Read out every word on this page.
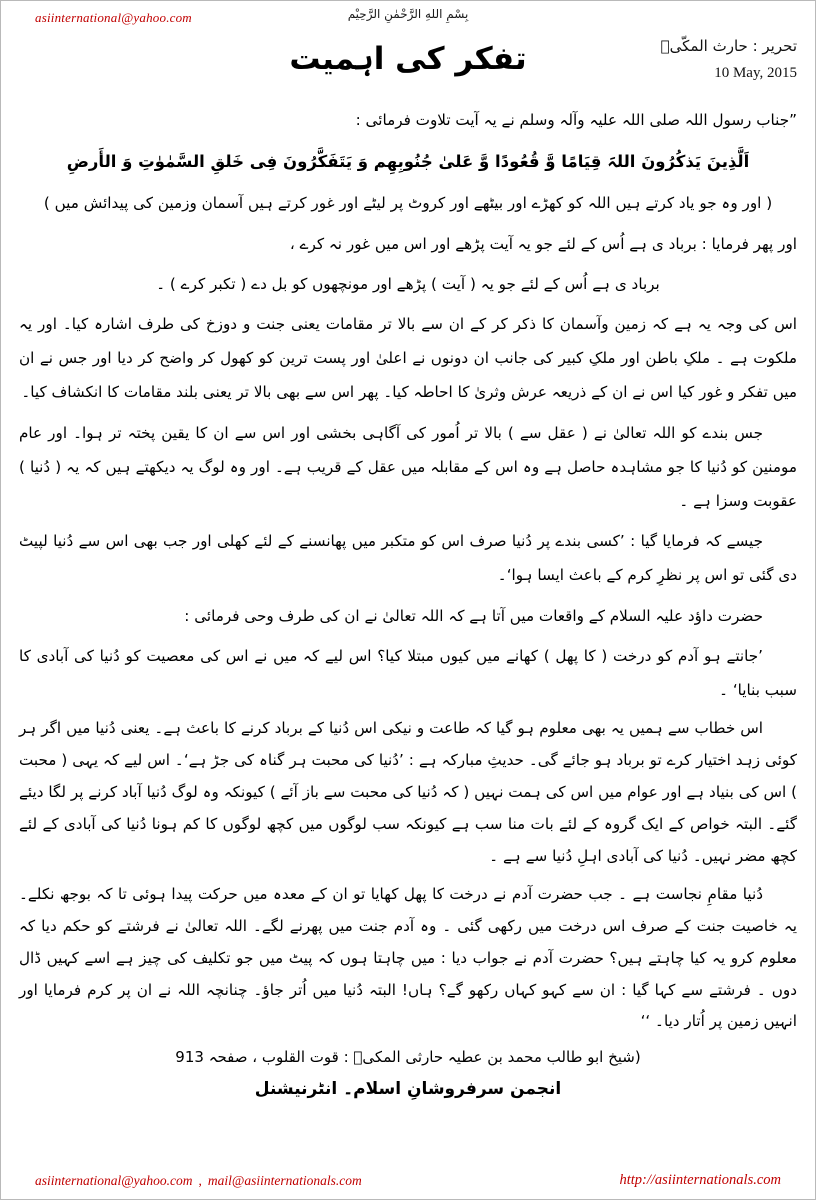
asiinternational@yahoo.com	بِسْمِ اللهِ الرَّحْمٰنِ الرَّحِيْم
تحریر : حارث المکّیؒ
10 May, 2015
تفکر کی اہمیت

”جناب رسول اللہ صلی اللہ علیہ وآلہ وسلم نے یہ آیت تلاوت فرمائی :

اَلَّذِینَ یَذکُرُونَ اللہَ قِیَامًا وَّ قُعُودًا وَّ عَلیٰ جُنُوبِھِم وَ یَتَفَکَّرُونَ فِی خَلقِ السَّمٰوٰتِ وَ الأَرضِ

( اور وہ جو یاد کرتے ہیں اللہ کو کھڑے اور بیٹھے اور کروٹ پر لیٹے اور غور کرتے ہیں آسمان وزمین کی پیدائش میں )

اور پھر فرمایا : برباد ی ہے اُس کے لئے جو یہ آیت پڑھے اور اس میں غور نہ کرے ،

برباد ی ہے اُس کے لئے جو یہ ( آیت ) پڑھے اور مونچھوں کو بل دے ( تکبر کرے ) ۔

اس کی وجہ یہ ہے کہ زمین وآسمان کا ذکر کر کے ان سے بالا تر مقامات یعنی جنت و دوزخ کی طرف اشارہ کیا۔ اور یہ ملکوت ہے ۔ ملکِ باطن اور ملکِ کبیر کی جانب ان دونوں نے اعلیٰ اور پست ترین کو کھول کر واضح کر دیا اور جس نے ان میں تفکر و غور کیا اس نے ان کے ذریعہ عرش وثریٰ کا احاطہ کیا۔ پھر اس سے بھی بالا تر یعنی بلند مقامات کا انکشاف کیا۔

جس بندے کو اللہ تعالیٰ نے ( عقل سے ) بالا تر اُمور کی آگاہی بخشی اور اس سے ان کا یقین پختہ تر ہوا۔ اور عام مومنین کو دُنیا کا جو مشاہدہ حاصل ہے وہ اس کے مقابلہ میں عقل کے قریب ہے۔ اور وہ لوگ یہ دیکھتے ہیں کہ یہ ( دُنیا ) عقوبت وسزا ہے ۔

جیسے کہ فرمایا گیا : ’کسی بندے پر دُنیا صرف اس کو متکبر میں پھانسنے کے لئے کھلی اور جب بھی اس سے دُنیا لپیٹ دی گئی تو اس پر نظرِ کرم کے باعث ایسا ہوا‘۔

حضرت داؤد علیہ السلام کے واقعات میں آتا ہے کہ اللہ تعالیٰ نے ان کی طرف وحی فرمائی :

’جانتے ہو آدم کو درخت ( کا پھل ) کھانے میں کیوں مبتلا کیا؟ اس لیے کہ میں نے اس کی معصیت کو دُنیا کی آبادی کا سبب بنایا‘ ۔

اس خطاب سے ہمیں یہ بھی معلوم ہو گیا کہ طاعت و نیکی اس دُنیا کے برباد کرنے کا باعث ہے۔ یعنی دُنیا میں اگر ہر کوئی زہد اختیار کرے تو برباد ہو جائے گی۔ حدیثِ مبارکہ ہے : ’دُنیا کی محبت ہر گناہ کی جڑ ہے‘۔ اس لیے کہ یہی ( محبت ) اس کی بنیاد ہے اور عوام میں اس کی ہمت نہیں ( کہ دُنیا کی محبت سے باز آئے ) کیونکہ وہ لوگ دُنیا آباد کرنے پر لگا دیئے گئے۔ البتہ خواص کے ایک گروہ کے لئے بات منا سب ہے کیونکہ سب لوگوں میں کچھ لوگوں کا کم ہونا دُنیا کی آبادی کے لئے کچھ مضر نہیں۔ دُنیا کی آبادی اہلِ دُنیا سے ہے ۔

دُنیا مقامِ نجاست ہے ۔ جب حضرت آدم نے درخت کا پھل کھایا تو ان کے معدہ میں حرکت پیدا ہوئی تا کہ بوجھ نکلے۔ یہ خاصیت جنت کے صرف اس درخت میں رکھی گئی ۔ وہ آدم جنت میں پھرنے لگے۔ اللہ تعالیٰ نے فرشتے کو حکم دیا کہ معلوم کرو یہ کیا چاہتے ہیں؟ حضرت آدم نے جواب دیا : میں چاہتا ہوں کہ پیٹ میں جو تکلیف کی چیز ہے اسے کہیں ڈال دوں ۔ فرشتے سے کہا گیا : ان سے کہو کہاں رکھو گے؟ ہاں! البتہ دُنیا میں اُتر جاؤ۔ چنانچہ اللہ نے ان پر کرم فرمایا اور انہیں زمین پر اُتار دیا۔ ‘‘

(شیخ ابو طالب محمد بن عطیہ حارثی المکیؒ : قوت القلوب ، صفحہ 913
انجمن سرفروشانِ اسلام۔ انٹرنیشنل
asiinternational@yahoo.com , mail@asiinternationals.com	http://asiinternationals.com
